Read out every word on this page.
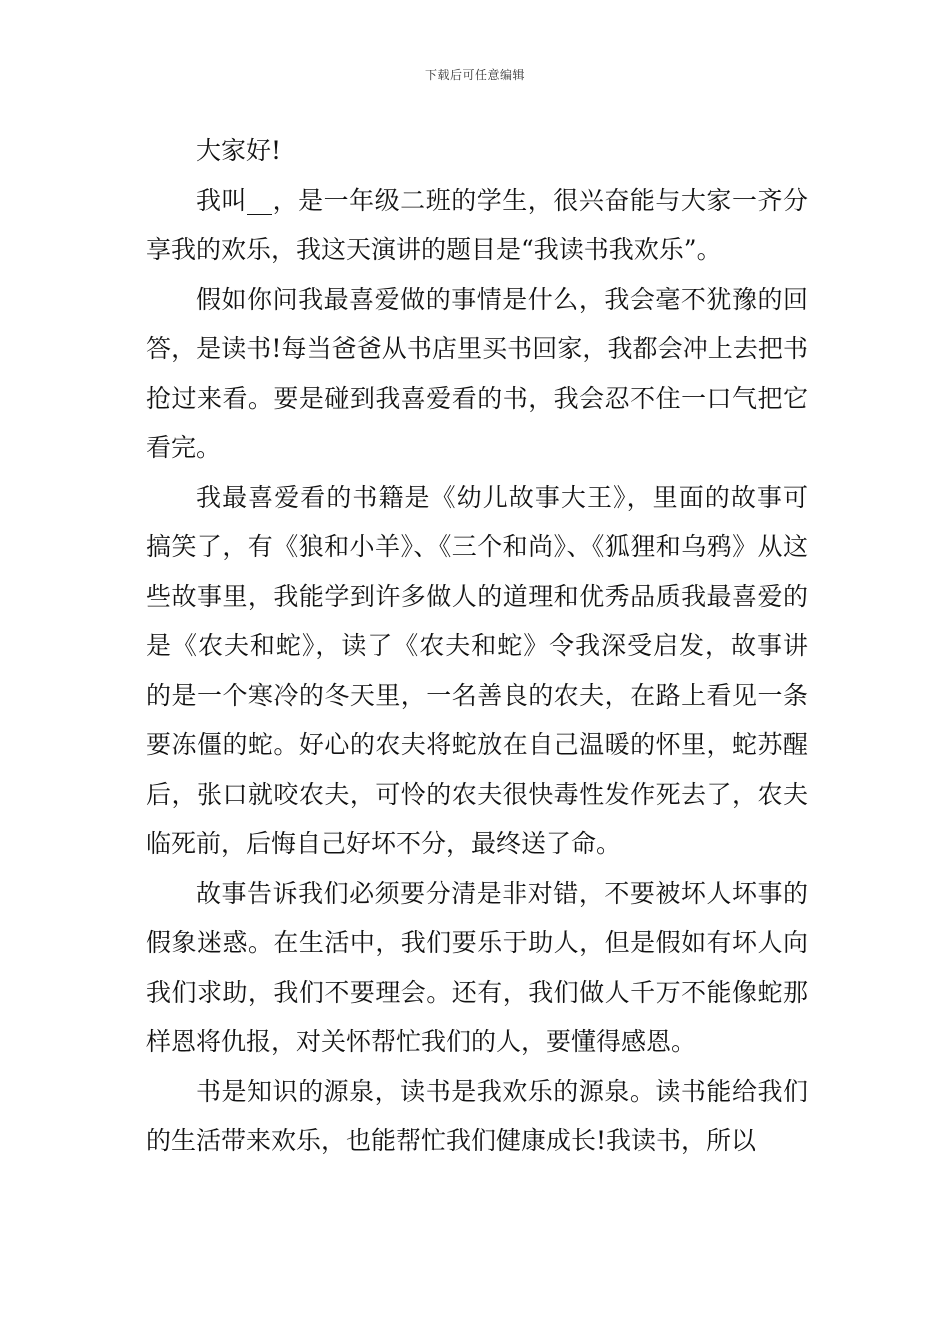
下载后可任意编辑

大家好!

我叫__，是一年级二班的学生，很兴奋能与大家一齐分享我的欢乐，我这天演讲的题目是“我读书我欢乐”。

假如你问我最喜爱做的事情是什么，我会毫不犹豫的回答，是读书!每当爸爸从书店里买书回家，我都会冲上去把书抢过来看。要是碰到我喜爱看的书，我会忍不住一口气把它看完。

我最喜爱看的书籍是《幼儿故事大王》，里面的故事可搞笑了，有《狼和小羊》、《三个和尚》、《狐狸和乌鸦》从这些故事里，我能学到许多做人的道理和优秀品质我最喜爱的是《农夫和蛇》，读了《农夫和蛇》令我深受启发，故事讲的是一个寒冷的冬天里，一名善良的农夫，在路上看见一条要冻僵的蛇。好心的农夫将蛇放在自己温暖的怀里，蛇苏醒后，张口就咬农夫，可怜的农夫很快毒性发作死去了，农夫临死前，后悔自己好坏不分，最终送了命。

故事告诉我们必须要分清是非对错，不要被坏人坏事的假象迷惑。在生活中，我们要乐于助人，但是假如有坏人向我们求助，我们不要理会。还有，我们做人千万不能像蛇那样恩将仇报，对关怀帮忙我们的人，要懂得感恩。

书是知识的源泉，读书是我欢乐的源泉。读书能给我们的生活带来欢乐，也能帮忙我们健康成长!我读书，所以
